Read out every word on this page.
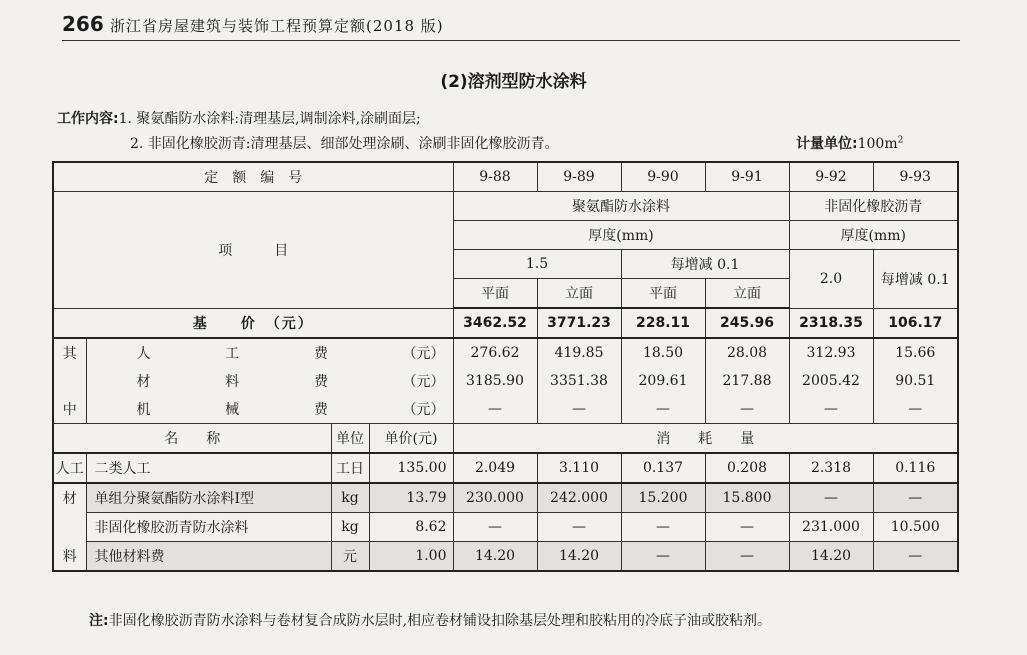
266 浙江省房屋建筑与装饰工程预算定额(2018 版)
(2)溶剂型防水涂料
工作内容:1. 聚氨酯防水涂料:清理基层,调制涂料,涂刷面层;
2. 非固化橡胶沥青:清理基层、细部处理涂刷、涂刷非固化橡胶沥青。	计量单位$:100m^2$
定　额　编　号				9-88	9-89	9-90	9-91	9-92	9-93
项　　　目				聚氨酯防水涂料				非固化橡胶沥青	
				厚度(mm)				厚度(mm)	
				1.5		每增减 0.1		2.0	每增减 0.1
				平面	立面	平面	立面		
基　　价　（元）				3462.52	3771.23	228.11	245.96	2318.35	106.17
其	人 工 费 （元）			276.62	419.85	18.50	28.08	312.93	15.66

	材 料 费 （元）			3185.90	3351.38	209.61	217.88	2005.42	90.51
中	机 械 费 （元）			—	—	—	—	—	—
名　　称		单位	单价(元)	消　　耗　　量					
人工	二类人工	工日	135.00	2.049	3.110	0.137	0.208	2.318	0.116
材	单组分聚氨酯防水涂料Ⅰ型	kg	13.79	230.000	242.000	15.200	15.800	—	—
	非固化橡胶沥青防水涂料	kg	8.62	—	—	—	—	231.000	10.500
料	其他材料费	元	1.00	14.20	14.20	—	—	14.20	—
注:非固化橡胶沥青防水涂料与卷材复合成防水层时,相应卷材铺设扣除基层处理和胶粘用的冷底子油或胶粘剂。
